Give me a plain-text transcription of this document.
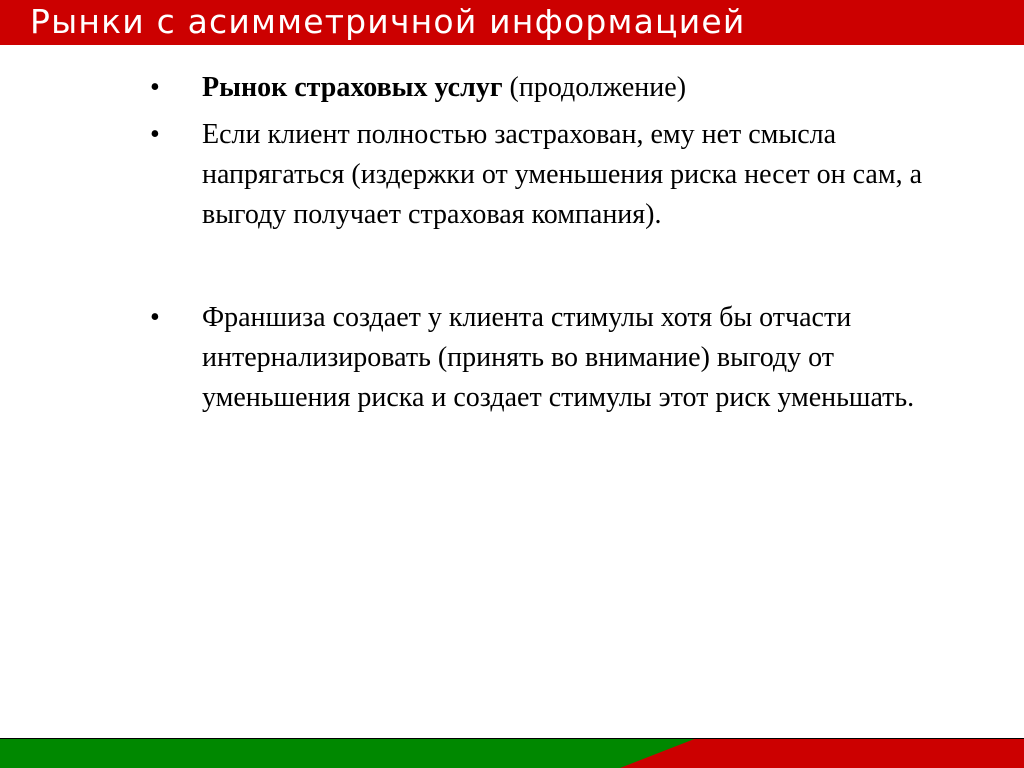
Рынки с асимметричной информацией
• Рынок страховых услуг (продолжение)
• Если клиент полностью застрахован, ему нет смысла напрягаться (издержки от уменьшения риска несет он сам, а выгоду получает страховая компания).
• Франшиза создает у клиента стимулы хотя бы отчасти интернализировать (принять во внимание) выгоду от уменьшения риска и создает стимулы этот риск уменьшать.
